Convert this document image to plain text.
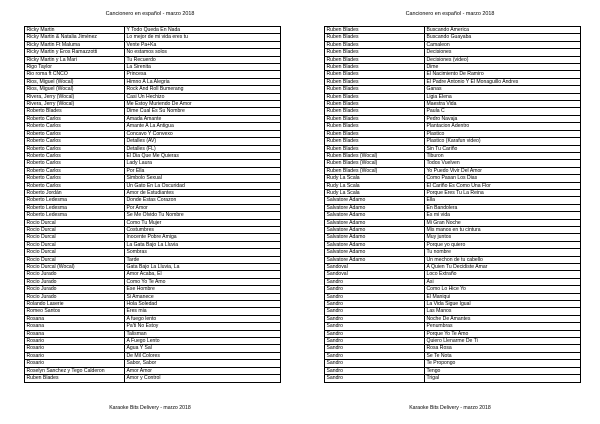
Cancionero en español - marzo 2018
Ricky Martin	Y Todo Queda En Nada
Ricky Martin & Natalia Jiménez	Lo mejor de mi vida eres tu
Ricky Martin Ft Maluma	Vente Pa+Ka
Ricky Martin y Eros Ramazzotti	No estamos solos
Ricky Martin y La Mari	Tu Recuerdo
Rigo Taylor	La Sirenita
Rio roma ft CNCO	Princesa
Rios, Miguel (Wocal)	Himno A La Alegria
Rios, Miguel (Wocal)	Rock And Roll Bumerang
Rivera, Jerry (Wocal)	Casi Un Hechizo
Rivera, Jerry (Wocal)	Me Estoy Muriendo De Amor
Roberto Blades	Dime Cual Es Su Nombre
Roberto Carlos	Amada Amante
Roberto Carlos	Amante A La Antigua
Roberto Carlos	Concavo Y Convexo
Roberto Carlos	Detalles (AV)
Roberto Carlos	Detalles (FL)
Roberto Carlos	El Dia Que Me Quieras
Roberto Carlos	Lady Laura
Roberto Carlos	Por Ella
Roberto Carlos	Simbolo Sexual
Roberto Carlos	Un Gato En La Oscuridad
Roberto Jordán	Amor de Estudiantes
Roberto Ledesma	Donde Estas Corazon
Roberto Ledesma	Por Amor
Roberto Ledesma	Se Me Olvido Tu Nombre
Rocio Durcal	Como Tu Mujer
Rocio Durcal	Costumbres
Rocio Durcal	Inocente Pobre Amiga
Rocio Durcal	La Gata Bajo La Lluvia
Rocio Durcal	Sombras
Rocio Durcal	Tarde
Rocio Durcal (Wocal)	Gata Bajo La Lluvia, La
Rocio Jurado	Amor Acaba, El
Rocio Jurado	Como Yo Te Amo
Rocio Jurado	Ese Hombre
Rocio Jurado	Si Amanece
Rolando Laserie	Hola Soledad
Romeo Santos	Eres mia
Rosana	A fuego lento
Rosana	Pa'ti No Estoy
Rosana	Talisman
Rosario	A Fuego Lento
Rosario	Agua Y Sal
Rosario	De Mil Colores
Rosario	Sabor, Sabor
Roselyn Sanchez y Tego Calderon	Amor Amor
Ruben Blades	Amor y Control
Karaoke Bits Delivery - marzo 2018
Cancionero en español - marzo 2018
Ruben Blades	Buscando America
Ruben Blades	Buscando Guayaba
Ruben Blades	Camaleon
Ruben Blades	Decisiones
Ruben Blades	Decisiones (video)
Ruben Blades	Dime
Ruben Blades	El Nacimiento De Ramiro
Ruben Blades	El Padre Antonio Y El Monaguillo Andres
Ruben Blades	Ganas
Ruben Blades	Ligia Elena
Ruben Blades	Maestra Vida
Ruben Blades	Paula C
Ruben Blades	Pedro Navaja
Ruben Blades	Plantacion Adentro
Ruben Blades	Plastico
Ruben Blades	Plastico (Karafun video)
Ruben Blades	Sin Tu Cariño
Ruben Blades (Wocal)	Tiburon
Ruben Blades (Wocal)	Todos Vuelven
Ruben Blades (Wocal)	Yo Puedo Vivir Del Amor
Rudy La Scala	Como Pasan Los Dias
Rudy La Scala	El Cariño Es Como Una Flor
Rudy La Scala	Porque Eres Tu La Reina
Salvatore Adamo	Ella
Salvatore Adamo	En Bandolera
Salvatore Adamo	Es mi vida
Salvatore Adamo	Mi Gran Noche
Salvatore Adamo	Mis manos en tu cintura
Salvatore Adamo	Muy juntos
Salvatore Adamo	Porque yo quiero
Salvatore Adamo	Tu nombre
Salvatore Adamo	Un mechon de tu cabello
Sandoval	A Quien Tu Decidiste Amar
Sandoval	Loco Extraño
Sandro	Asi
Sandro	Como Lo Hice Yo
Sandro	El Maniqui
Sandro	La Vida Sigue Igual
Sandro	Las Manos
Sandro	Noche De Amantes
Sandro	Penumbras
Sandro	Porque Yo Te Amo
Sandro	Quiero Llenarme De Ti
Sandro	Rosa Rosa
Sandro	Se Te Nota
Sandro	Te Propongo
Sandro	Tengo
Sandro	Trigal
Karaoke Bits Delivery - marzo 2018
